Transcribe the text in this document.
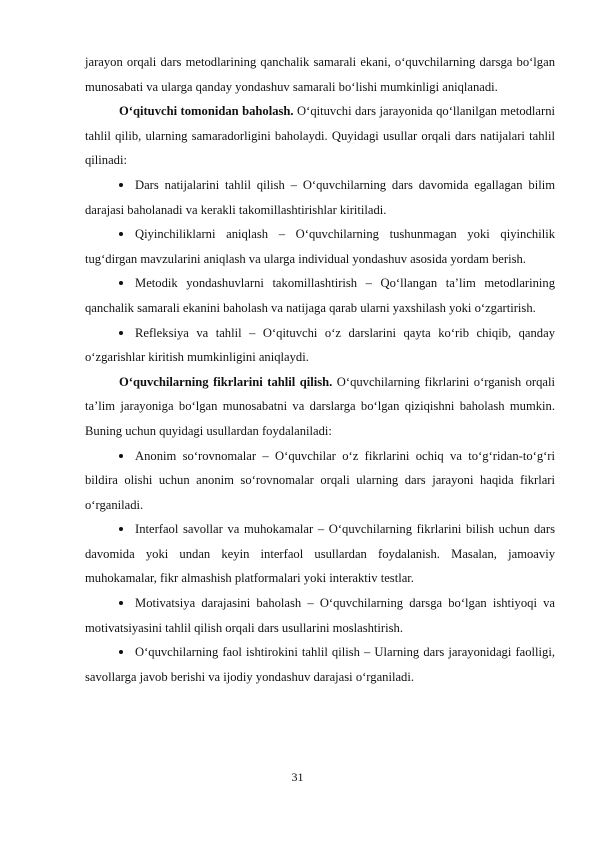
jarayon orqali dars metodlarining qanchalik samarali ekani, o‘quvchilarning darsga bo‘lgan munosabati va ularga qanday yondashuv samarali bo‘lishi mumkinligi aniqlanadi.

O‘qituvchi tomonidan baholash. O‘qituvchi dars jarayonida qo‘llanilgan metodlarni tahlil qilib, ularning samaradorligini baholaydi. Quyidagi usullar orqali dars natijalari tahlil qilinadi:

Dars natijalarini tahlil qilish – O‘quvchilarning dars davomida egallagan bilim darajasi baholanadi va kerakli takomillashtirishlar kiritiladi.

Qiyinchiliklarni aniqlash – O‘quvchilarning tushunmagan yoki qiyinchilik tug‘dirgan mavzularini aniqlash va ularga individual yondashuv asosida yordam berish.

Metodik yondashuvlarni takomillashtirish – Qo‘llangan ta’lim metodlarining qanchalik samarali ekanini baholash va natijaga qarab ularni yaxshilash yoki o‘zgartirish.

Refleksiya va tahlil – O‘qituvchi o‘z darslarini qayta ko‘rib chiqib, qanday o‘zgarishlar kiritish mumkinligini aniqlaydi.

O‘quvchilarning fikrlarini tahlil qilish. O‘quvchilarning fikrlarini o‘rganish orqali ta’lim jarayoniga bo‘lgan munosabatni va darslarga bo‘lgan qiziqishni baholash mumkin. Buning uchun quyidagi usullardan foydalaniladi:

Anonim so‘rovnomalar – O‘quvchilar o‘z fikrlarini ochiq va to‘g‘ridan-to‘g‘ri bildira olishi uchun anonim so‘rovnomalar orqali ularning dars jarayoni haqida fikrlari o‘rganiladi.

Interfaol savollar va muhokamalar – O‘quvchilarning fikrlarini bilish uchun dars davomida yoki undan keyin interfaol usullardan foydalanish. Masalan, jamoaviy muhokamalar, fikr almashish platformalari yoki interaktiv testlar.

Motivatsiya darajasini baholash – O‘quvchilarning darsga bo‘lgan ishtiyoqi va motivatsiyasini tahlil qilish orqali dars usullarini moslashtirish.

O‘quvchilarning faol ishtirokini tahlil qilish – Ularning dars jarayonidagi faolligi, savollarga javob berishi va ijodiy yondashuv darajasi o‘rganiladi.

31
